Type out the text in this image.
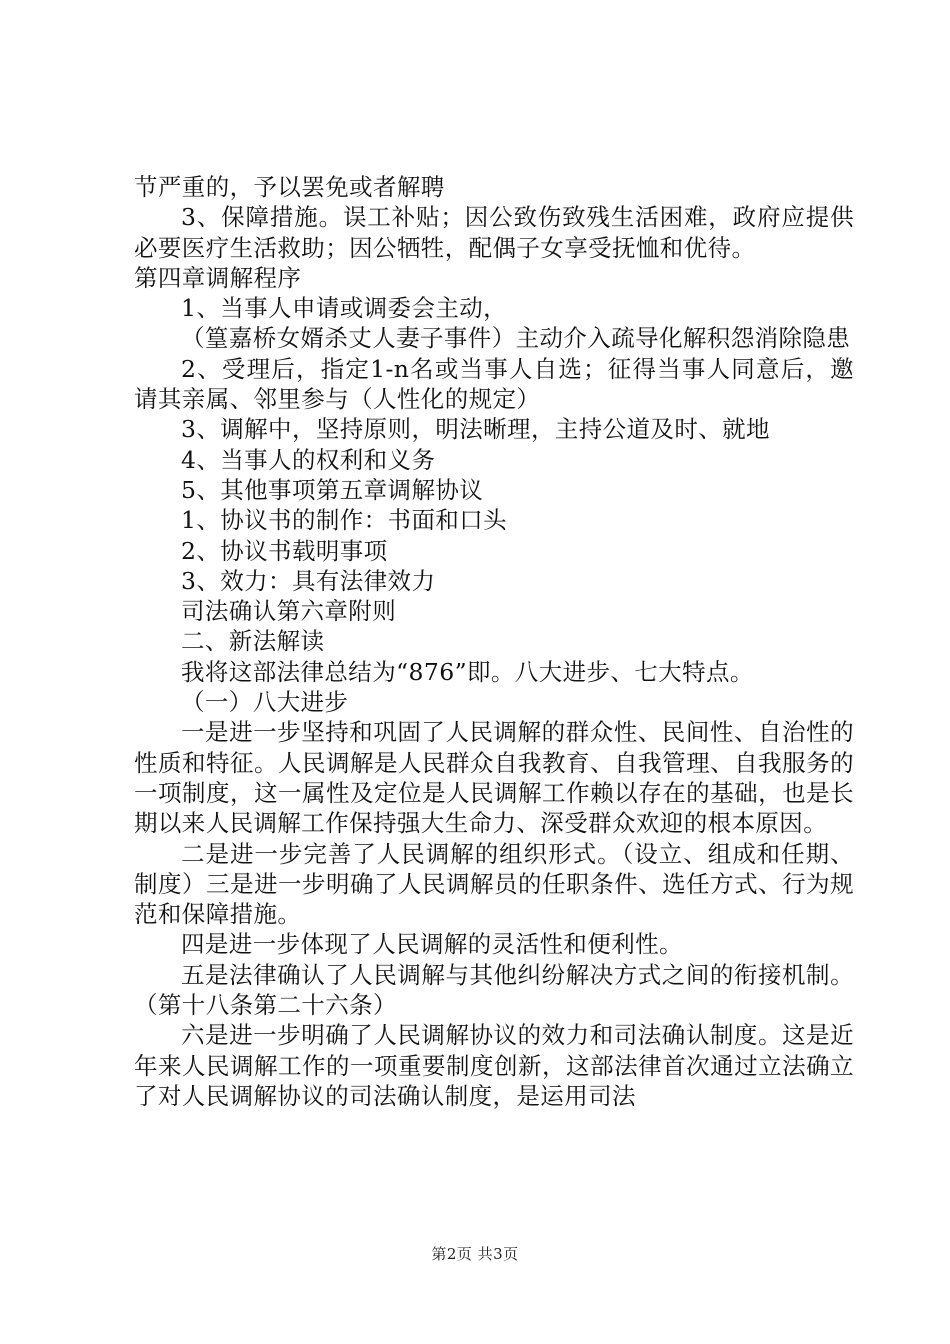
节严重的，予以罢免或者解聘

3、保障措施。误工补贴；因公致伤致残生活困难，政府应提供必要医疗生活救助；因公牺牲，配偶子女享受抚恤和优待。

第四章调解程序

1、当事人申请或调委会主动，

（篁嘉桥女婿杀丈人妻子事件）主动介入疏导化解积怨消除隐患

2、受理后，指定1-n名或当事人自选；征得当事人同意后，邀请其亲属、邻里参与（人性化的规定）

3、调解中，坚持原则，明法晰理，主持公道及时、就地

4、当事人的权利和义务

5、其他事项第五章调解协议

1、协议书的制作：书面和口头

2、协议书载明事项

3、效力：具有法律效力

司法确认第六章附则

二、新法解读

我将这部法律总结为“876”即。八大进步、七大特点。

（一）八大进步

一是进一步坚持和巩固了人民调解的群众性、民间性、自治性的性质和特征。人民调解是人民群众自我教育、自我管理、自我服务的一项制度，这一属性及定位是人民调解工作赖以存在的基础，也是长期以来人民调解工作保持强大生命力、深受群众欢迎的根本原因。

二是进一步完善了人民调解的组织形式。（设立、组成和任期、制度）三是进一步明确了人民调解员的任职条件、选任方式、行为规范和保障措施。

四是进一步体现了人民调解的灵活性和便利性。

五是法律确认了人民调解与其他纠纷解决方式之间的衔接机制。（第十八条第二十六条）

六是进一步明确了人民调解协议的效力和司法确认制度。这是近年来人民调解工作的一项重要制度创新，这部法律首次通过立法确立了对人民调解协议的司法确认制度，是运用司法

第2页 共3页
